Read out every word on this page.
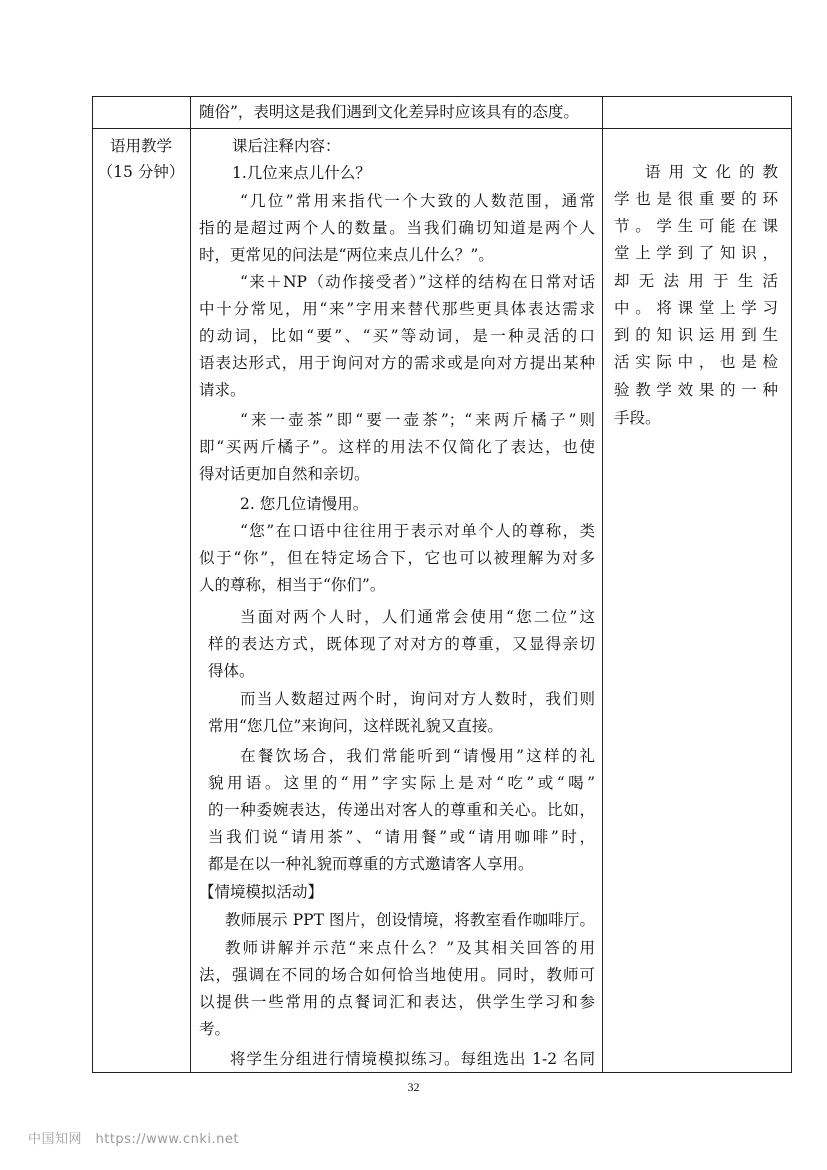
随俗”，表明这是我们遇到文化差异时应该具有的态度。
语用教学
（15 分钟）
课后注释内容：
1.几位来点儿什么？
“几位”常用来指代一个大致的人数范围，通常
指的是超过两个人的数量。当我们确切知道是两个人
时，更常见的问法是“两位来点儿什么？”。
“来＋NP（动作接受者）”这样的结构在日常对话
中十分常见，用“来”字用来替代那些更具体表达需求
的动词，比如“要”、“买”等动词，是一种灵活的口
语表达形式，用于询问对方的需求或是向对方提出某种
请求。
“来一壶茶”即“要一壶茶”；“来两斤橘子”则
即“买两斤橘子”。这样的用法不仅简化了表达，也使
得对话更加自然和亲切。
2. 您几位请慢用。
“您”在口语中往往用于表示对单个人的尊称，类
似于“你”，但在特定场合下，它也可以被理解为对多
人的尊称，相当于“你们”。
当面对两个人时，人们通常会使用“您二位”这
样的表达方式，既体现了对对方的尊重，又显得亲切
得体。
而当人数超过两个时，询问对方人数时，我们则
常用“您几位”来询问，这样既礼貌又直接。
在餐饮场合，我们常能听到“请慢用”这样的礼
貌用语。这里的“用”字实际上是对“吃”或“喝”
的一种委婉表达，传递出对客人的尊重和关心。比如，
当我们说“请用茶”、“请用餐”或“请用咖啡”时，
都是在以一种礼貌而尊重的方式邀请客人享用。
【情境模拟活动】
教师展示 PPT 图片，创设情境，将教室看作咖啡厅。
教师讲解并示范“来点什么？”及其相关回答的用
法，强调在不同的场合如何恰当地使用。同时，教师可
以提供一些常用的点餐词汇和表达，供学生学习和参
考。
将学生分组进行情境模拟练习。每组选出 1-2 名同
语用文化的教
学也是很重要的环
节。学生可能在课
堂上学到了知识，
却无法用于生活
中。将课堂上学习
到的知识运用到生
活实际中，也是检
验教学效果的一种
手段。
32
中国知网　https://www.cnki.net
